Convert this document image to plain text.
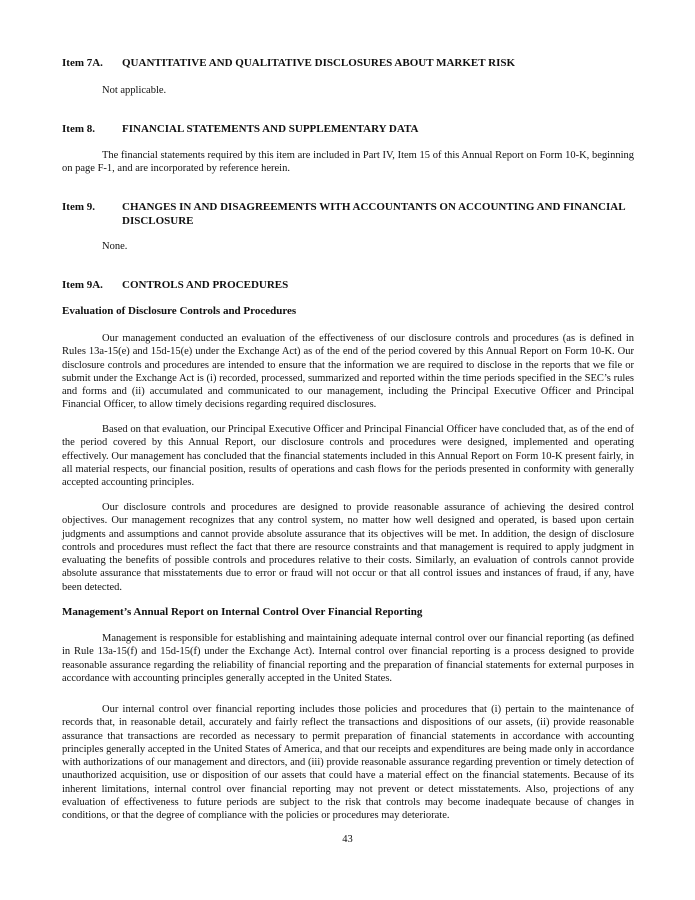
Item 7A.	QUANTITATIVE AND QUALITATIVE DISCLOSURES ABOUT MARKET RISK
Not applicable.
Item 8.	FINANCIAL STATEMENTS AND SUPPLEMENTARY DATA

The financial statements required by this item are included in Part IV, Item 15 of this Annual Report on Form 10-K, beginning on page F-1, and are incorporated by reference herein.

Item 9.	CHANGES IN AND DISAGREEMENTS WITH ACCOUNTANTS ON ACCOUNTING AND FINANCIAL DISCLOSURE
None.
Item 9A.	CONTROLS AND PROCEDURES
Evaluation of Disclosure Controls and Procedures

Our management conducted an evaluation of the effectiveness of our disclosure controls and procedures (as is defined in Rules 13a-15(e) and 15d-15(e) under the Exchange Act) as of the end of the period covered by this Annual Report on Form 10-K. Our disclosure controls and procedures are intended to ensure that the information we are required to disclose in the reports that we file or submit under the Exchange Act is (i) recorded, processed, summarized and reported within the time periods specified in the SEC’s rules and forms and (ii) accumulated and communicated to our management, including the Principal Executive Officer and Principal Financial Officer, to allow timely decisions regarding required disclosures.

Based on that evaluation, our Principal Executive Officer and Principal Financial Officer have concluded that, as of the end of the period covered by this Annual Report, our disclosure controls and procedures were designed, implemented and operating effectively. Our management has concluded that the financial statements included in this Annual Report on Form 10-K present fairly, in all material respects, our financial position, results of operations and cash flows for the periods presented in conformity with generally accepted accounting principles.

Our disclosure controls and procedures are designed to provide reasonable assurance of achieving the desired control objectives. Our management recognizes that any control system, no matter how well designed and operated, is based upon certain judgments and assumptions and cannot provide absolute assurance that its objectives will be met. In addition, the design of disclosure controls and procedures must reflect the fact that there are resource constraints and that management is required to apply judgment in evaluating the benefits of possible controls and procedures relative to their costs. Similarly, an evaluation of controls cannot provide absolute assurance that misstatements due to error or fraud will not occur or that all control issues and instances of fraud, if any, have been detected.

Management’s Annual Report on Internal Control Over Financial Reporting

Management is responsible for establishing and maintaining adequate internal control over our financial reporting (as defined in Rule 13a-15(f) and 15d-15(f) under the Exchange Act). Internal control over financial reporting is a process designed to provide reasonable assurance regarding the reliability of financial reporting and the preparation of financial statements for external purposes in accordance with accounting principles generally accepted in the United States.

Our internal control over financial reporting includes those policies and procedures that (i) pertain to the maintenance of records that, in reasonable detail, accurately and fairly reflect the transactions and dispositions of our assets, (ii) provide reasonable assurance that transactions are recorded as necessary to permit preparation of financial statements in accordance with accounting principles generally accepted in the United States of America, and that our receipts and expenditures are being made only in accordance with authorizations of our management and directors, and (iii) provide reasonable assurance regarding prevention or timely detection of unauthorized acquisition, use or disposition of our assets that could have a material effect on the financial statements. Because of its inherent limitations, internal control over financial reporting may not prevent or detect misstatements. Also, projections of any evaluation of effectiveness to future periods are subject to the risk that controls may become inadequate because of changes in conditions, or that the degree of compliance with the policies or procedures may deteriorate.

43
